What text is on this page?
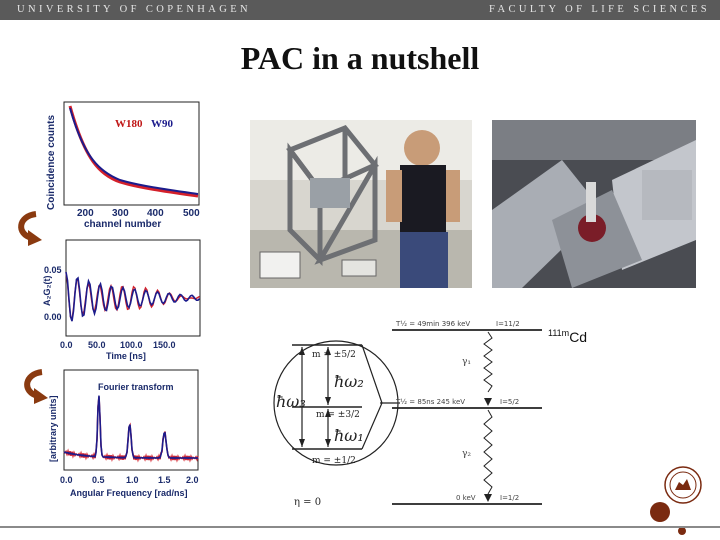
UNIVERSITY OF COPENHAGEN	FACULTY OF LIFE SCIENCES
PAC in a nutshell
W180 W90
Coincidence counts
200 300 400 500
channel number
A₂G₂(t)
0.05
0.00
0.0 50.0 100.0 150.0
Time [ns]
Fourier transform
[arbitrary units]
0.0 0.5 1.0 1.5 2.0
Angular Frequency [rad/ns]
m = ±5/2
m = ±3/2
m = ±1/2
ħω₃
ħω₂
ħω₁
η = 0
T½ = 49min 396 keV	I=11/2
γ₁
T½ = 85ns 245 keV	I=5/2
γ₂
0 keV	I=1/2
$^{111m}$Cd
